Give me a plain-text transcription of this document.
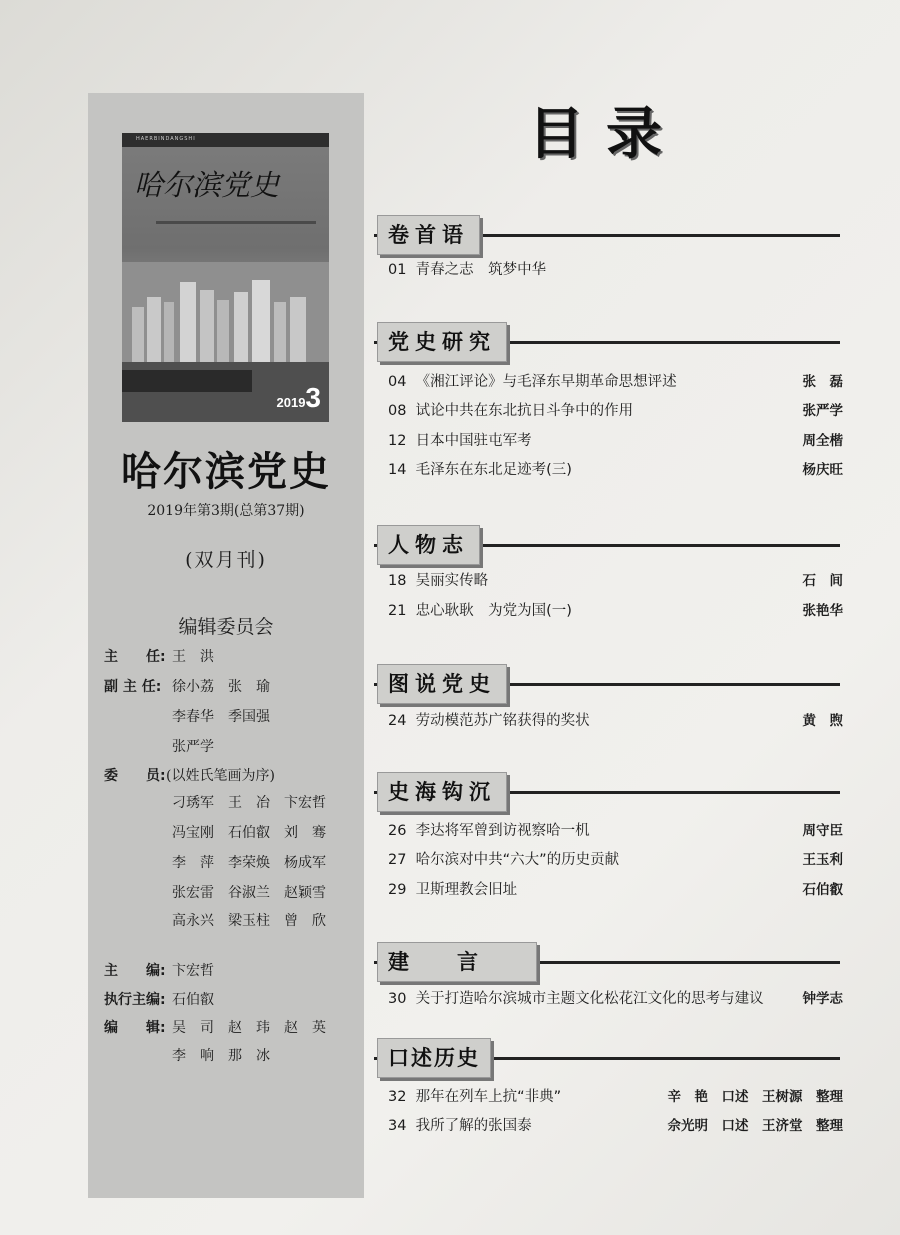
HAERBINDANGSHI
哈尔滨党史
20193
哈尔滨党史
2019年第3期(总第37期)
(双月刊)
编辑委员会
主　　任: 王　洪
副 主 任: 徐小荔　张　瑜
李春华　季国强
张严学
委　　员: (以姓氏笔画为序)
刁琇军　王　冶　卞宏哲
冯宝刚　石伯叡　刘　骞
李　萍　李荣焕　杨成军
张宏雷　谷淑兰　赵颖雪
高永兴　梁玉柱　曾　欣
主　　编: 卞宏哲
执行主编: 石伯叡
编　　辑: 吴　司　赵　玮　赵　英
李　响　那　冰
目录
卷首语
01 青春之志　筑梦中华
党史研究
04 《湘江评论》与毛泽东早期革命思想评述	张　磊
08 试论中共在东北抗日斗争中的作用	张严学
12 日本中国驻屯军考	周全楷
14 毛泽东在东北足迹考(三)	杨庆旺
人物志
18 吴丽实传略	石　间
21 忠心耿耿　为党为国(一)	张艳华
图说党史
24 劳动模范苏广铭获得的奖状	黄　煦
史海钩沉
26 李达将军曾到访视察哈一机	周守臣
27 哈尔滨对中共“六大”的历史贡献	王玉利
29 卫斯理教会旧址	石伯叡
建言
30 关于打造哈尔滨城市主题文化松花江文化的思考与建议	钟学志
口述历史
32 那年在列车上抗“非典”	辛　艳　口述　王树源　整理
34 我所了解的张国泰	佘光明　口述　王济堂　整理
